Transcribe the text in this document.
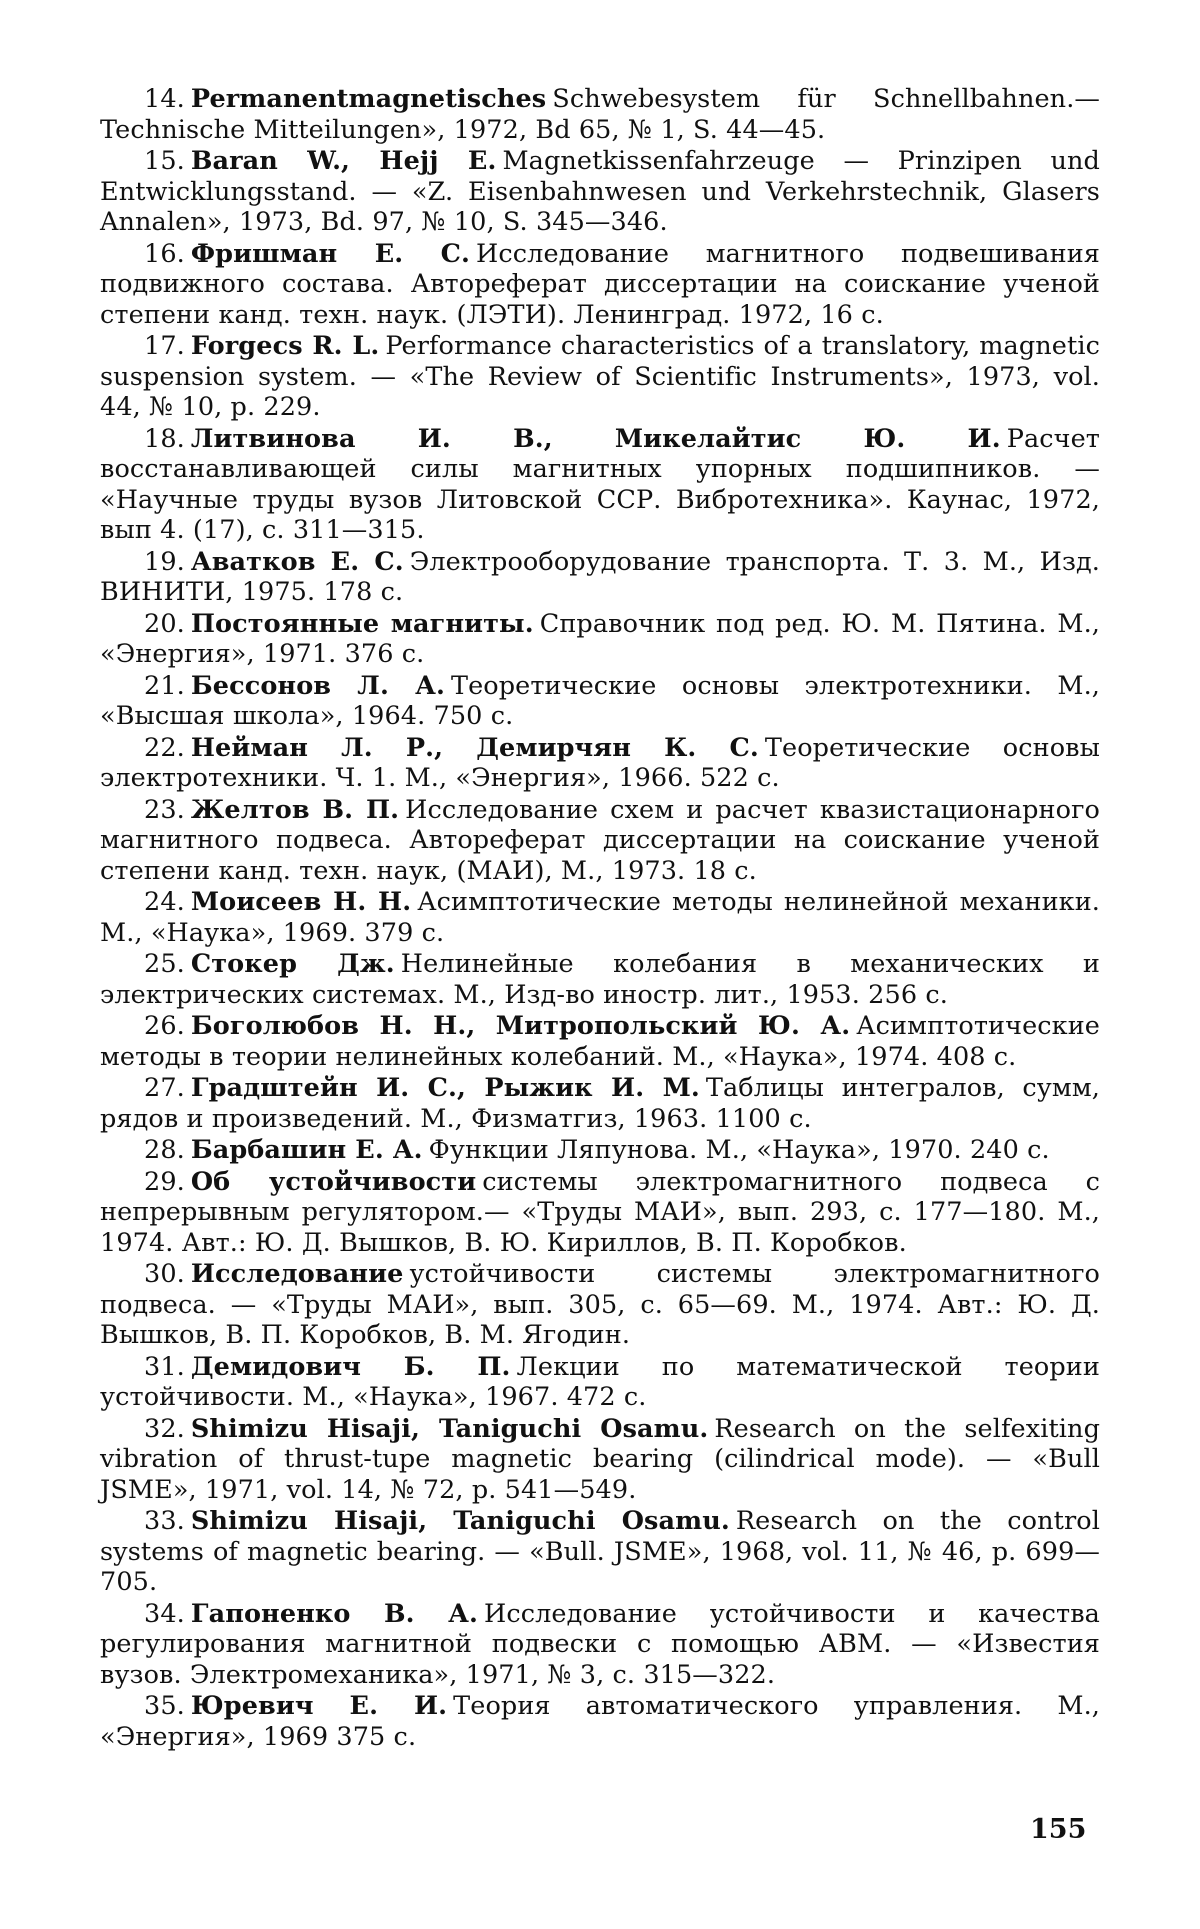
14. Permanentmagnetisches Schwebesystem für Schnellbahnen.— Technische Mitteilungen», 1972, Bd 65, № 1, S. 44—45.
15. Baran W., Hejj E. Magnetkissenfahrzeuge — Prinzipen und Entwicklungsstand. — «Z. Eisenbahnwesen und Verkehrstechnik, Glasers Annalen», 1973, Bd. 97, № 10, S. 345—346.
16. Фришман Е. С. Исследование магнитного подвешивания подвижного состава. Автореферат диссертации на соискание ученой степени канд. техн. наук. (ЛЭТИ). Ленинград. 1972, 16 с.
17. Forgecs R. L. Performance characteristics of a translatory, magnetic suspension system. — «The Review of Scientific Instruments», 1973, vol. 44, № 10, p. 229.
18. Литвинова И. В., Микелайтис Ю. И. Расчет восстанавливающей силы магнитных упорных подшипников. — «Научные труды вузов Литовской ССР. Вибротехника». Каунас, 1972, вып 4. (17), с. 311—315.
19. Аватков Е. С. Электрооборудование транспорта. Т. 3. М., Изд. ВИНИТИ, 1975. 178 с.
20. Постоянные магниты. Справочник под ред. Ю. М. Пятина. М., «Энергия», 1971. 376 с.
21. Бессонов Л. А. Теоретические основы электротехники. М., «Высшая школа», 1964. 750 с.
22. Нейман Л. Р., Демирчян К. С. Теоретические основы электротехники. Ч. 1. М., «Энергия», 1966. 522 с.
23. Желтов В. П. Исследование схем и расчет квазистационарного магнитного подвеса. Автореферат диссертации на соискание ученой степени канд. техн. наук, (МАИ), М., 1973. 18 с.
24. Моисеев Н. Н. Асимптотические методы нелинейной механики. М., «Наука», 1969. 379 с.
25. Стокер Дж. Нелинейные колебания в механических и электрических системах. М., Изд-во иностр. лит., 1953. 256 с.
26. Боголюбов Н. Н., Митропольский Ю. А. Асимптотические методы в теории нелинейных колебаний. М., «Наука», 1974. 408 с.
27. Градштейн И. С., Рыжик И. М. Таблицы интегралов, сумм, рядов и произведений. М., Физматгиз, 1963. 1100 с.
28. Барбашин Е. А. Функции Ляпунова. М., «Наука», 1970. 240 с.
29. Об устойчивости системы электромагнитного подвеса с непрерывным регулятором.— «Труды МАИ», вып. 293, с. 177—180. М., 1974. Авт.: Ю. Д. Вышков, В. Ю. Кириллов, В. П. Коробков.
30. Исследование устойчивости системы электромагнитного подвеса. — «Труды МАИ», вып. 305, с. 65—69. М., 1974. Авт.: Ю. Д. Вышков, В. П. Коробков, В. М. Ягодин.
31. Демидович Б. П. Лекции по математической теории устойчивости. М., «Наука», 1967. 472 с.
32. Shimizu Hisaji, Taniguchi Osamu. Research on the selfexiting vibration of thrust-tupe magnetic bearing (cilindrical mode). — «Bull JSME», 1971, vol. 14, № 72, p. 541—549.
33. Shimizu Hisaji, Taniguchi Osamu. Research on the control systems of magnetic bearing. — «Bull. JSME», 1968, vol. 11, № 46, p. 699—705.
34. Гапоненко В. А. Исследование устойчивости и качества регулирования магнитной подвески с помощью АВМ. — «Известия вузов. Электромеханика», 1971, № 3, с. 315—322.
35. Юревич Е. И. Теория автоматического управления. М., «Энергия», 1969 375 с.
155
